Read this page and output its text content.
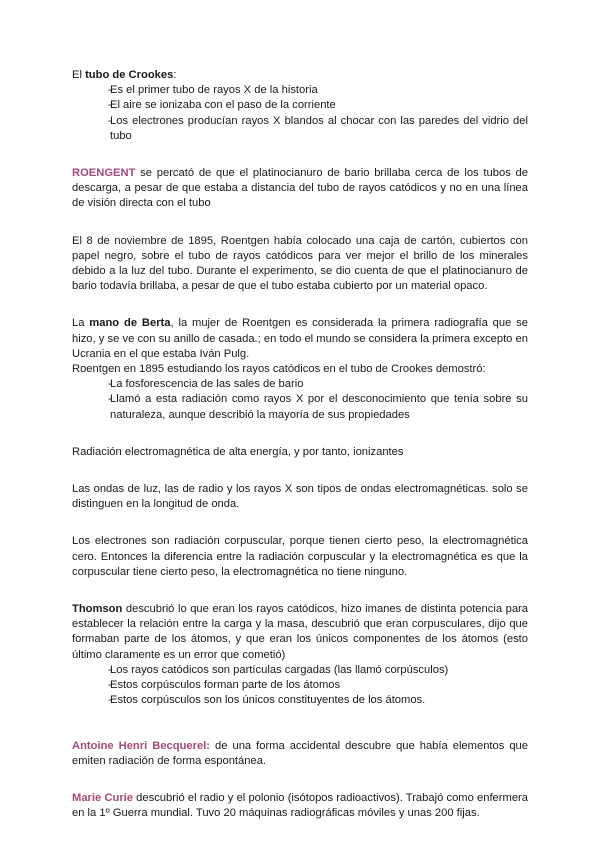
El tubo de Crookes:

- Es el primer tubo de rayos X de la historia
- El aire se ionizaba con el paso de la corriente
- Los electrones producían rayos X blandos al chocar con las paredes del vidrio del tubo

ROENGENT se percató de que el platinocianuro de bario brillaba cerca de los tubos de descarga, a pesar de que estaba a distancia del tubo de rayos catódicos y no en una línea de visión directa con el tubo

El 8 de noviembre de 1895, Roentgen había colocado una caja de cartón, cubiertos con papel negro, sobre el tubo de rayos catódicos para ver mejor el brillo de los minerales debido a la luz del tubo. Durante el experimento, se dio cuenta de que el platinocianuro de bario todavía brillaba, a pesar de que el tubo estaba cubierto por un material opaco.

La mano de Berta, la mujer de Roentgen es considerada la primera radiografía que se hizo, y se ve con su anillo de casada.; en todo el mundo se considera la primera excepto en Ucrania en el que estaba Iván Pulg.

Roentgen en 1895 estudiando los rayos catódicos en el tubo de Crookes demostró:

- La fosforescencia de las sales de bario
- Llamó a esta radiación como rayos X por el desconocimiento que tenía sobre su naturaleza, aunque describió la mayoría de sus propiedades

Radiación electromagnética de alta energía, y por tanto, ionizantes

Las ondas de luz, las de radio y los rayos X son tipos de ondas electromagnéticas. solo se distinguen en la longitud de onda.

Los electrones son radiación corpuscular, porque tienen cierto peso, la electromagnética cero. Entonces la diferencia entre la radiación corpuscular y la electromagnética es que la corpuscular tiene cierto peso, la electromagnética no tiene ninguno.

Thomson descubrió lo que eran los rayos catódicos, hizo imanes de distinta potencia para establecer la relación entre la carga y la masa, descubrió que eran corpusculares, dijo que formaban parte de los átomos, y que eran los únicos componentes de los átomos (esto último claramente es un error que cometió)

- Los rayos catódicos son partículas cargadas (las llamó corpúsculos)
- Estos corpúsculos forman parte de los átomos
- Estos corpúsculos son los únicos constituyentes de los átomos.

Antoine Henri Becquerel: de una forma accidental descubre que había elementos que emiten radiación de forma espontánea.

Marie Curie descubrió el radio y el polonio (isótopos radioactivos). Trabajó como enfermera en la 1º Guerra mundial. Tuvo 20 máquinas radiográficas móviles y unas 200 fijas.
